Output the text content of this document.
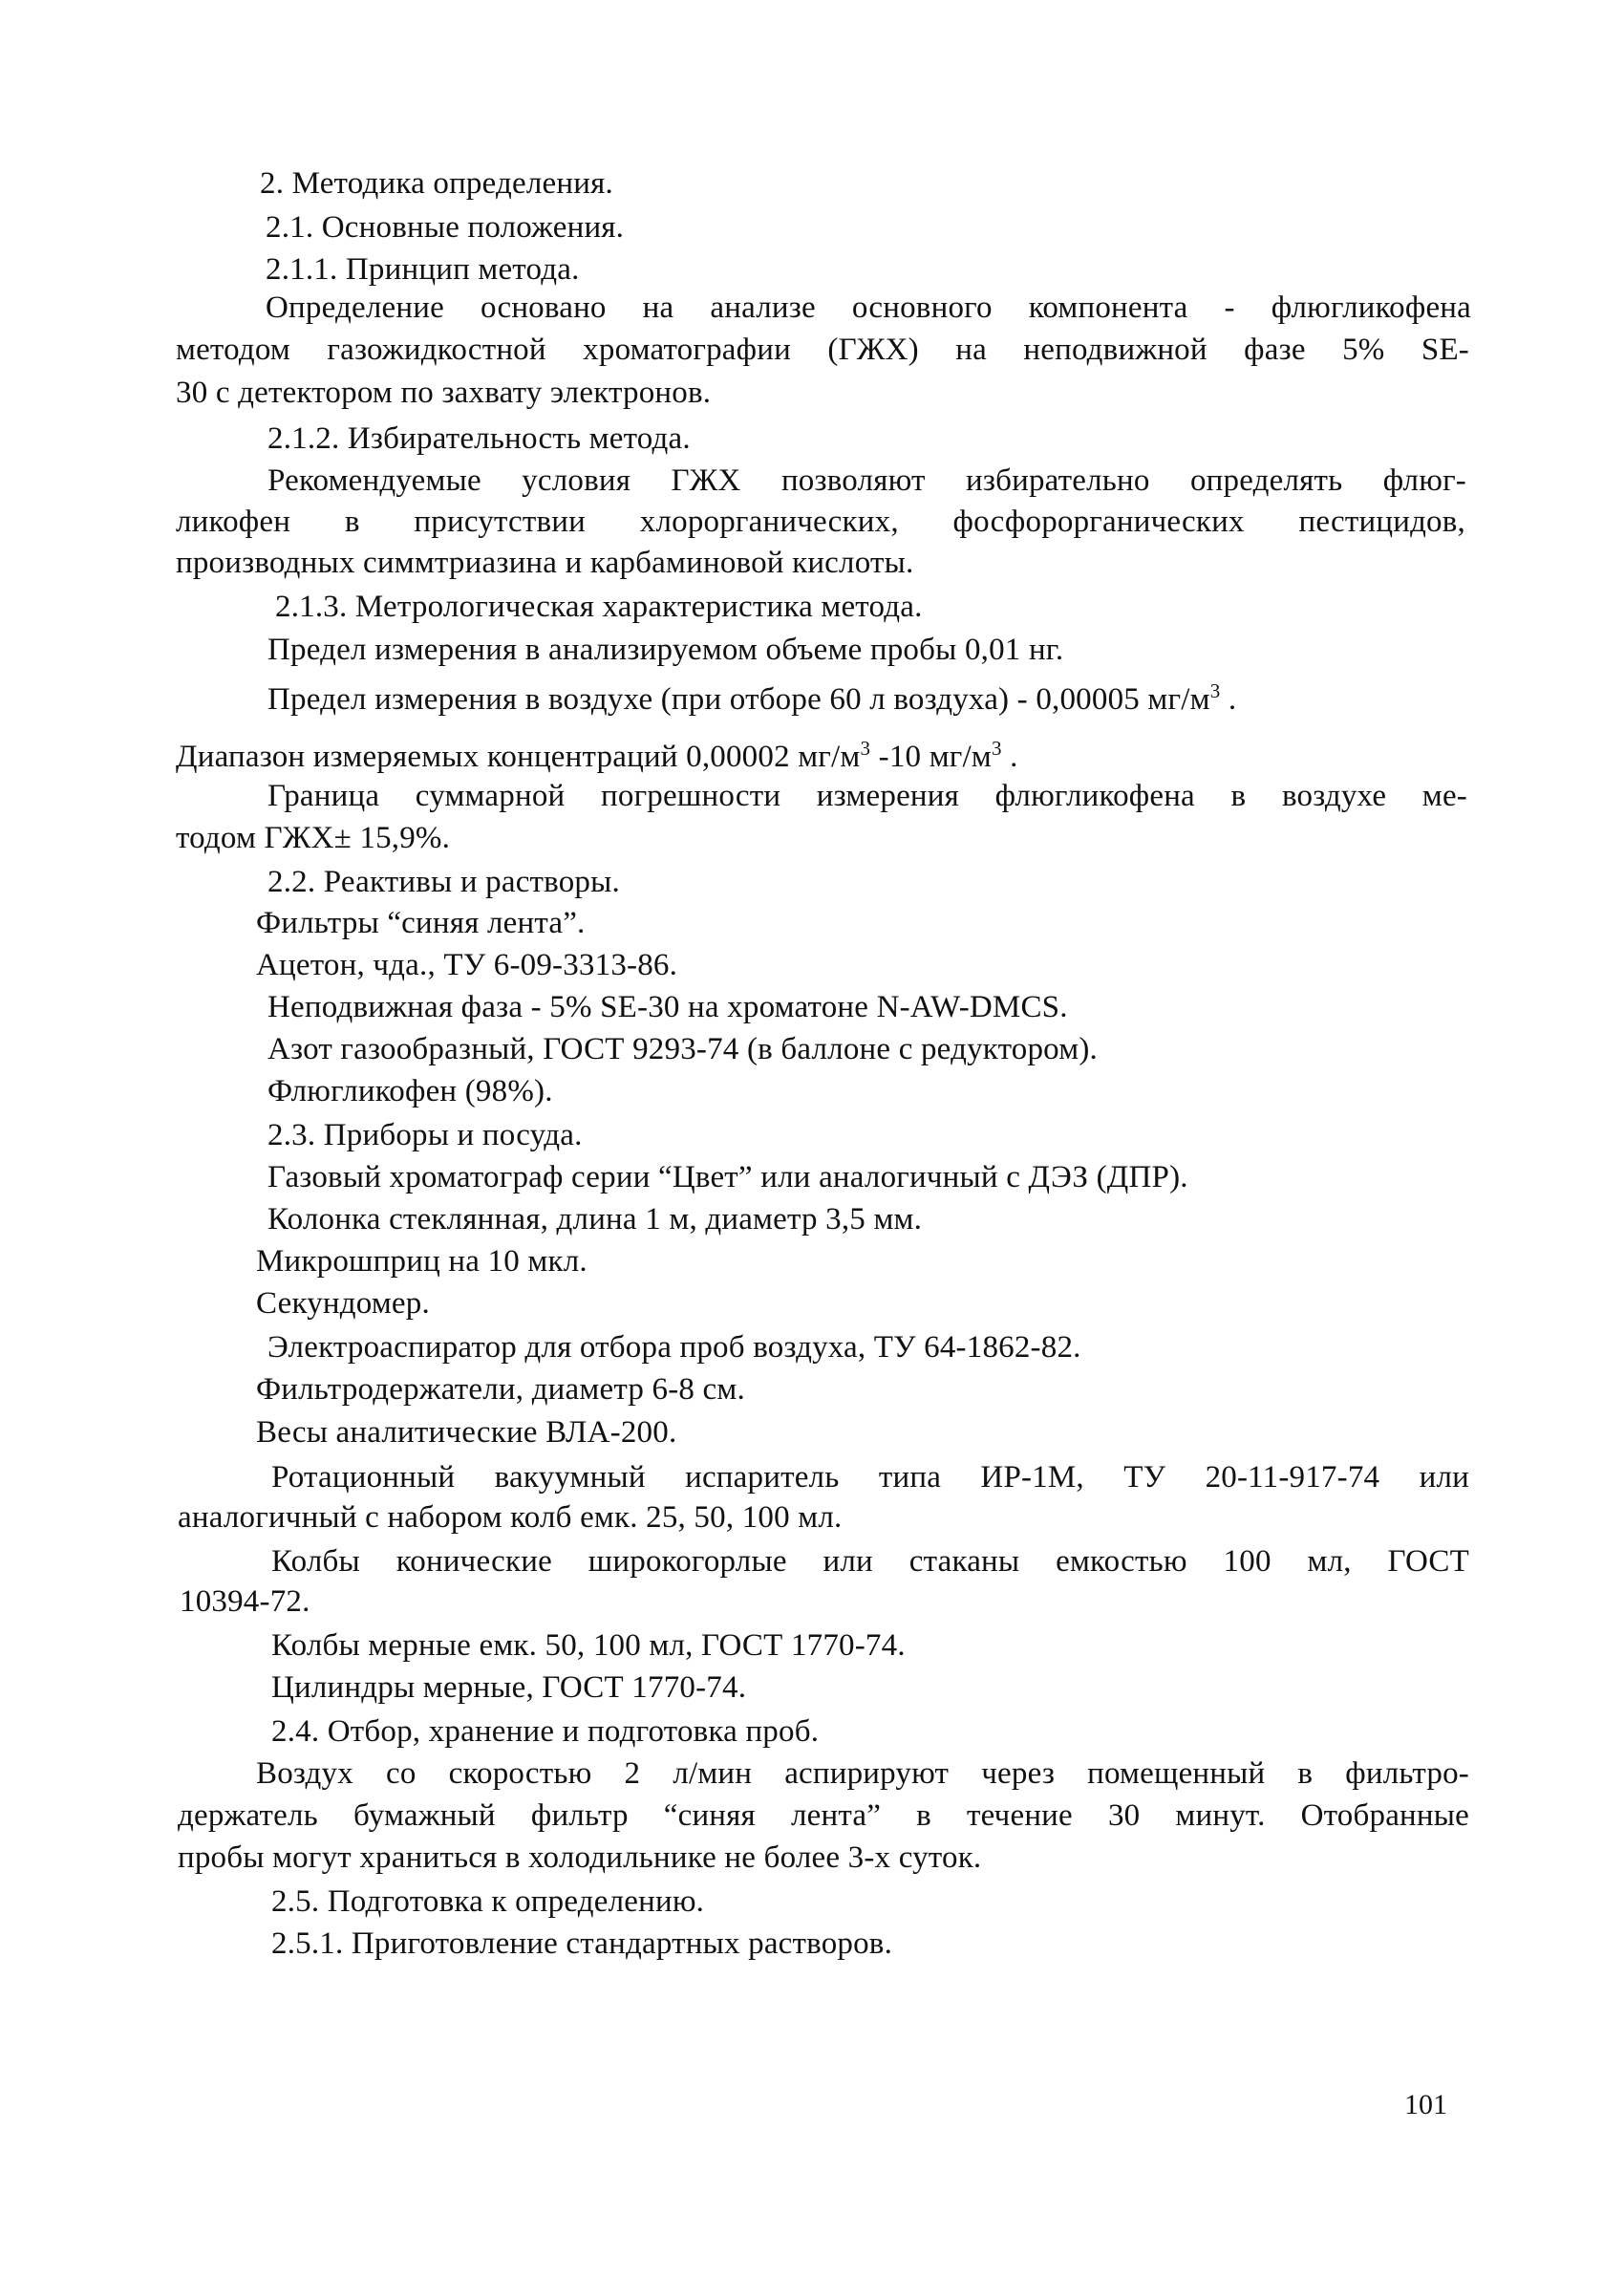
2. Методика определения.
2.1. Основные положения.
2.1.1. Принцип метода.
Определение основано на анализе основного компонента - флюгликофена
методом газожидкостной хроматографии (ГЖХ) на неподвижной фазе 5% SE-
30 с детектором по захвату электронов.
2.1.2. Избирательность метода.
Рекомендуемые условия ГЖХ позволяют избирательно определять флюг-
ликофен в присутствии хлорорганических, фосфорорганических пестицидов,
производных симмтриазина и карбаминовой кислоты.
2.1.3. Метрологическая характеристика метода.
Предел измерения в анализируемом объеме пробы 0,01 нг.
Предел измерения в воздухе (при отборе 60 л воздуха) - 0,00005 $мг/м^3$ .
Диапазон измеряемых концентраций 0,00002 $мг/м^3$ -10 $мг/м^3$ .
Граница суммарной погрешности измерения флюгликофена в воздухе ме-
тодом ГЖХ± 15,9%.
2.2. Реактивы и растворы.
Фильтры “синяя лента”.
Ацетон, чда., ТУ 6-09-3313-86.
Неподвижная фаза - 5% SE-30 на хроматоне N-AW-DMCS.
Азот газообразный, ГОСТ 9293-74 (в баллоне с редуктором).
Флюгликофен (98%).
2.3. Приборы и посуда.
Газовый хроматограф серии “Цвет” или аналогичный с ДЭЗ (ДПР).
Колонка стеклянная, длина 1 м, диаметр 3,5 мм.
Микрошприц на 10 мкл.
Секундомер.
Электроаспиратор для отбора проб воздуха, ТУ 64-1862-82.
Фильтродержатели, диаметр 6-8 см.
Весы аналитические ВЛА-200.
Ротационный вакуумный испаритель типа ИР-1М, ТУ 20-11-917-74 или
аналогичный с набором колб емк. 25, 50, 100 мл.
Колбы конические широкогорлые или стаканы емкостью 100 мл, ГОСТ
10394-72.
Колбы мерные емк. 50, 100 мл, ГОСТ 1770-74.
Цилиндры мерные, ГОСТ 1770-74.
2.4. Отбор, хранение и подготовка проб.
Воздух со скоростью 2 л/мин аспирируют через помещенный в фильтро-
держатель бумажный фильтр “синяя лента” в течение 30 минут. Отобранные
пробы могут храниться в холодильнике не более 3-х суток.
2.5. Подготовка к определению.
2.5.1. Приготовление стандартных растворов.
101
